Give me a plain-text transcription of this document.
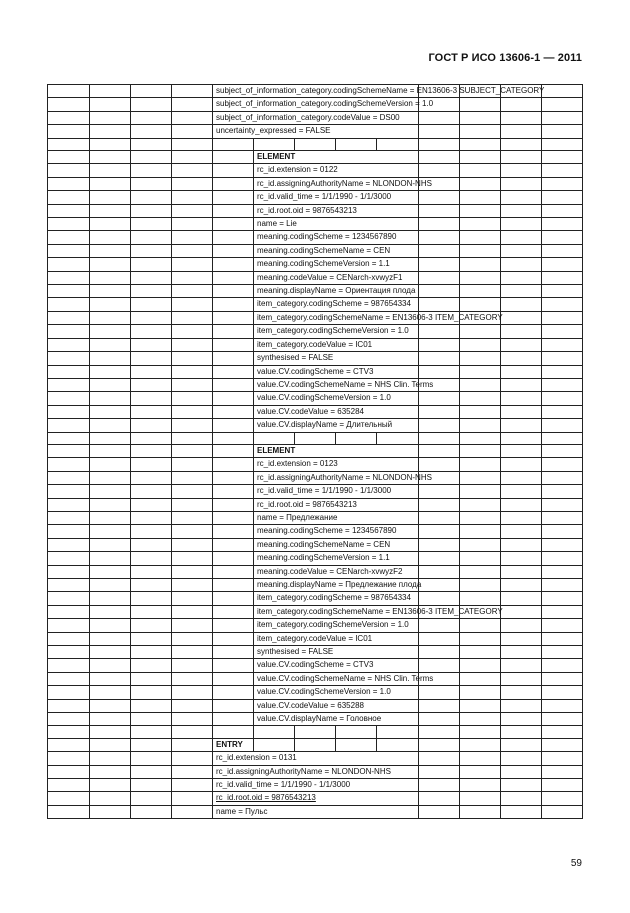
ГОСТ Р ИСО 13606-1 — 2011
				subject_of_information_category.codingSchemeName = EN13606-3 SUBJECT_CATEGORY								
				subject_of_information_category.codingSchemeVersion = 1.0								
				subject_of_information_category.codeValue = DS00								
				uncertainty_expressed = FALSE								

					ELEMENT							
					rc_id.extension = 0122							
					rc_id.assigningAuthorityName = NLONDON-NHS							
					rc_id.valid_time = 1/1/1990 - 1/1/3000							
					rc_id.root.oid = 9876543213							
					name = Lie							
					meaning.codingScheme = 1234567890							
					meaning.codingSchemeName = CEN							
					meaning.codingSchemeVersion = 1.1							
					meaning.codeValue = CENarch-xvwyzF1							
					meaning.displayName = Ориентация плода							
					item_category.codingScheme = 987654334							
					item_category.codingSchemeName = EN13606-3 ITEM_CATEGORY							
					item_category.codingSchemeVersion = 1.0							
					item_category.codeValue = IC01							
					synthesised = FALSE							
					value.CV.codingScheme = CTV3							
					value.CV.codingSchemeName = NHS Clin. Terms							
					value.CV.codingSchemeVersion = 1.0							
					value.CV.codeValue = 635284							
					value.CV.displayName = Длительный							

					ELEMENT							
					rc_id.extension = 0123							
					rc_id.assigningAuthorityName = NLONDON-NHS							
					rc_id.valid_time = 1/1/1990 - 1/1/3000							
					rc_id.root.oid = 9876543213							
					name = Предлежание							
					meaning.codingScheme = 1234567890							
					meaning.codingSchemeName = CEN							
					meaning.codingSchemeVersion = 1.1							
					meaning.codeValue = CENarch-xvwyzF2							
					meaning.displayName = Предлежание плода							
					item_category.codingScheme = 987654334							
					item_category.codingSchemeName = EN13606-3 ITEM_CATEGORY							
					item_category.codingSchemeVersion = 1.0							
					item_category.codeValue = IC01							
					synthesised = FALSE							
					value.CV.codingScheme = CTV3							
					value.CV.codingSchemeName = NHS Clin. Terms							
					value.CV.codingSchemeVersion = 1.0							
					value.CV.codeValue = 635288							
					value.CV.displayName = Головное							

				ENTRY								
				rc_id.extension = 0131								
				rc_id.assigningAuthorityName = NLONDON-NHS								
				rc_id.valid_time = 1/1/1990 - 1/1/3000								
				rc_id.root.oid = 9876543213								
				name = Пульс								
59
